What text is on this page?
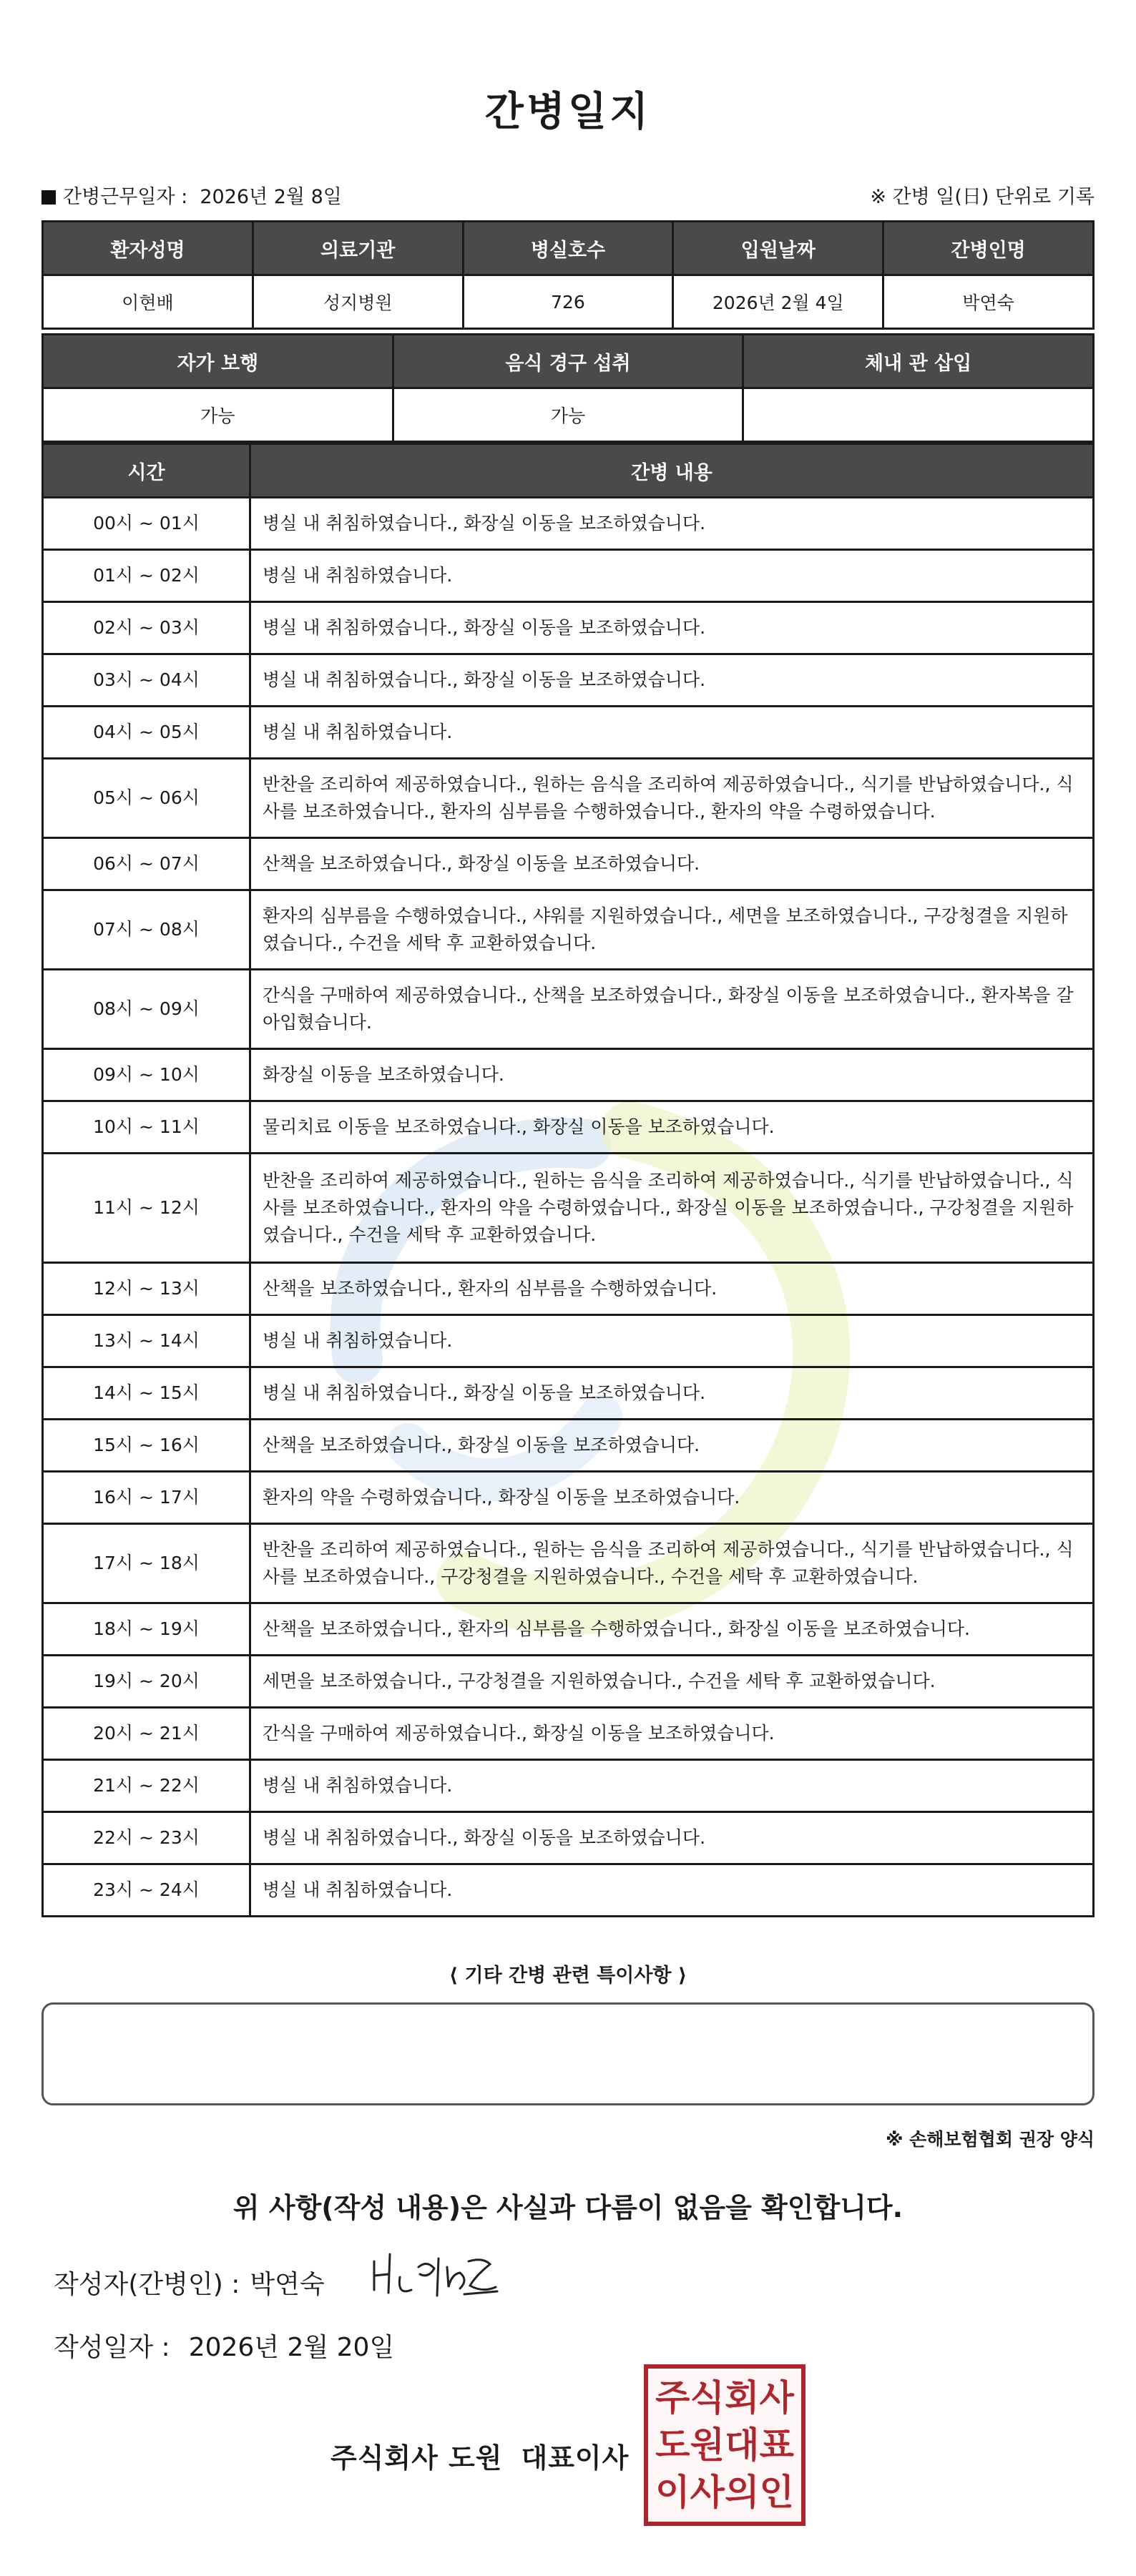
간병일지
간병근무일자 : 2026년 2월 8일	※ 간병 일(日) 단위로 기록
환자성명	의료기관	병실호수	입원날짜	간병인명
이현배	성지병원	726	2026년 2월 4일	박연숙
자가 보행	음식 경구 섭취	체내 관 삽입
가능	가능	
시간	간병 내용
00시 ~ 01시	병실 내 취침하였습니다., 화장실 이동을 보조하였습니다.
01시 ~ 02시	병실 내 취침하였습니다.
02시 ~ 03시	병실 내 취침하였습니다., 화장실 이동을 보조하였습니다.
03시 ~ 04시	병실 내 취침하였습니다., 화장실 이동을 보조하였습니다.
04시 ~ 05시	병실 내 취침하였습니다.
05시 ~ 06시	반찬을 조리하여 제공하였습니다., 원하는 음식을 조리하여 제공하였습니다., 식기를 반납하였습니다., 식사를 보조하였습니다., 환자의 심부름을 수행하였습니다., 환자의 약을 수령하였습니다.
06시 ~ 07시	산책을 보조하였습니다., 화장실 이동을 보조하였습니다.
07시 ~ 08시	환자의 심부름을 수행하였습니다., 샤워를 지원하였습니다., 세면을 보조하였습니다., 구강청결을 지원하였습니다., 수건을 세탁 후 교환하였습니다.
08시 ~ 09시	간식을 구매하여 제공하였습니다., 산책을 보조하였습니다., 화장실 이동을 보조하였습니다., 환자복을 갈아입혔습니다.
09시 ~ 10시	화장실 이동을 보조하였습니다.
10시 ~ 11시	물리치료 이동을 보조하였습니다., 화장실 이동을 보조하였습니다.
11시 ~ 12시	반찬을 조리하여 제공하였습니다., 원하는 음식을 조리하여 제공하였습니다., 식기를 반납하였습니다., 식사를 보조하였습니다., 환자의 약을 수령하였습니다., 화장실 이동을 보조하였습니다., 구강청결을 지원하였습니다., 수건을 세탁 후 교환하였습니다.
12시 ~ 13시	산책을 보조하였습니다., 환자의 심부름을 수행하였습니다.
13시 ~ 14시	병실 내 취침하였습니다.
14시 ~ 15시	병실 내 취침하였습니다., 화장실 이동을 보조하였습니다.
15시 ~ 16시	산책을 보조하였습니다., 화장실 이동을 보조하였습니다.
16시 ~ 17시	환자의 약을 수령하였습니다., 화장실 이동을 보조하였습니다.
17시 ~ 18시	반찬을 조리하여 제공하였습니다., 원하는 음식을 조리하여 제공하였습니다., 식기를 반납하였습니다., 식사를 보조하였습니다., 구강청결을 지원하였습니다., 수건을 세탁 후 교환하였습니다.
18시 ~ 19시	산책을 보조하였습니다., 환자의 심부름을 수행하였습니다., 화장실 이동을 보조하였습니다.
19시 ~ 20시	세면을 보조하였습니다., 구강청결을 지원하였습니다., 수건을 세탁 후 교환하였습니다.
20시 ~ 21시	간식을 구매하여 제공하였습니다., 화장실 이동을 보조하였습니다.
21시 ~ 22시	병실 내 취침하였습니다.
22시 ~ 23시	병실 내 취침하였습니다., 화장실 이동을 보조하였습니다.
23시 ~ 24시	병실 내 취침하였습니다.
⟨ 기타 간병 관련 특이사항 ⟩
※ 손해보험협회 권장 양식
위 사항(작성 내용)은 사실과 다름이 없음을 확인합니다.
작성자(간병인) : 박연숙
작성일자 : 2026년 2월 20일
주식회사 도원 대표이사
주 식 회 사
도 원 대 표
이 사 의 인
